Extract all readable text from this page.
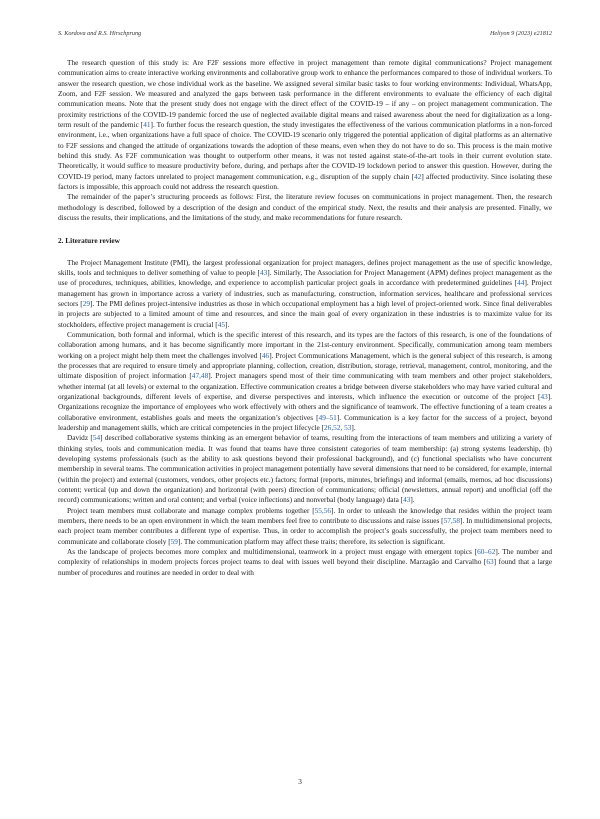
S. Kordova and R.S. Hirschprung	Heliyon 9 (2023) e21812

The research question of this study is: Are F2F sessions more effective in project management than remote digital communications? Project management communication aims to create interactive working environments and collaborative group work to enhance the performances compared to those of individual workers. To answer the research question, we chose individual work as the baseline. We assigned several similar basic tasks to four working environments: Individual, WhatsApp, Zoom, and F2F session. We measured and analyzed the gaps between task performance in the different environments to evaluate the efficiency of each digital communication means. Note that the present study does not engage with the direct effect of the COVID-19 – if any – on project management communication. The proximity restrictions of the COVID-19 pandemic forced the use of neglected available digital means and raised awareness about the need for digitalization as a long-term result of the pandemic [41]. To further focus the research question, the study investigates the effectiveness of the various communication platforms in a non-forced environment, i.e., when organizations have a full space of choice. The COVID-19 scenario only triggered the potential application of digital platforms as an alternative to F2F sessions and changed the attitude of organizations towards the adoption of these means, even when they do not have to do so. This process is the main motive behind this study. As F2F communication was thought to outperform other means, it was not tested against state-of-the-art tools in their current evolution state. Theoretically, it would suffice to measure productivity before, during, and perhaps after the COVID-19 lockdown period to answer this question. However, during the COVID-19 period, many factors unrelated to project management communication, e.g., disruption of the supply chain [42] affected productivity. Since isolating these factors is impossible, this approach could not address the research question.

The remainder of the paper’s structuring proceeds as follows: First, the literature review focuses on communications in project management. Then, the research methodology is described, followed by a description of the design and conduct of the empirical study. Next, the results and their analysis are presented. Finally, we discuss the results, their implications, and the limitations of the study, and make recommendations for future research.

2. Literature review

The Project Management Institute (PMI), the largest professional organization for project managers, defines project management as the use of specific knowledge, skills, tools and techniques to deliver something of value to people [43]. Similarly, The Association for Project Management (APM) defines project management as the use of procedures, techniques, abilities, knowledge, and experience to accomplish particular project goals in accordance with predetermined guidelines [44]. Project management has grown in importance across a variety of industries, such as manufacturing, construction, information services, healthcare and professional services sectors [29]. The PMI defines project-intensive industries as those in which occupational employment has a high level of project-oriented work. Since final deliverables in projects are subjected to a limited amount of time and resources, and since the main goal of every organization in these industries is to maximize value for its stockholders, effective project management is crucial [45].

Communication, both formal and informal, which is the specific interest of this research, and its types are the factors of this research, is one of the foundations of collaboration among humans, and it has become significantly more important in the 21st-century environment. Specifically, communication among team members working on a project might help them meet the challenges involved [46]. Project Communications Management, which is the general subject of this research, is among the processes that are required to ensure timely and appropriate planning, collection, creation, distribution, storage, retrieval, management, control, monitoring, and the ultimate disposition of project information [47,48]. Project managers spend most of their time communicating with team members and other project stakeholders, whether internal (at all levels) or external to the organization. Effective communication creates a bridge between diverse stakeholders who may have varied cultural and organizational backgrounds, different levels of expertise, and diverse perspectives and interests, which influence the execution or outcome of the project [43]. Organizations recognize the importance of employees who work effectively with others and the significance of teamwork. The effective functioning of a team creates a collaborative environment, establishes goals and meets the organization’s objectives [49–51]. Communication is a key factor for the success of a project, beyond leadership and management skills, which are critical competencies in the project lifecycle [26,52, 53].

Davidz [54] described collaborative systems thinking as an emergent behavior of teams, resulting from the interactions of team members and utilizing a variety of thinking styles, tools and communication media. It was found that teams have three consistent categories of team membership: (a) strong systems leadership, (b) developing systems professionals (such as the ability to ask questions beyond their professional background), and (c) functional specialists who have concurrent membership in several teams. The communication activities in project management potentially have several dimensions that need to be considered, for example, internal (within the project) and external (customers, vendors, other projects etc.) factors; formal (reports, minutes, briefings) and informal (emails, memos, ad hoc discussions) content; vertical (up and down the organization) and horizontal (with peers) direction of communications; official (newsletters, annual report) and unofficial (off the record) communications; written and oral content; and verbal (voice inflections) and nonverbal (body language) data [43].

Project team members must collaborate and manage complex problems together [55,56]. In order to unleash the knowledge that resides within the project team members, there needs to be an open environment in which the team members feel free to contribute to discussions and raise issues [57,58]. In multidimensional projects, each project team member contributes a different type of expertise. Thus, in order to accomplish the project’s goals successfully, the project team members need to communicate and collaborate closely [59]. The communication platform may affect these traits; therefore, its selection is significant.

As the landscape of projects becomes more complex and multidimensional, teamwork in a project must engage with emergent topics [60–62]. The number and complexity of relationships in modern projects forces project teams to deal with issues well beyond their discipline. Marzagão and Carvalho [63] found that a large number of procedures and routines are needed in order to deal with

3
